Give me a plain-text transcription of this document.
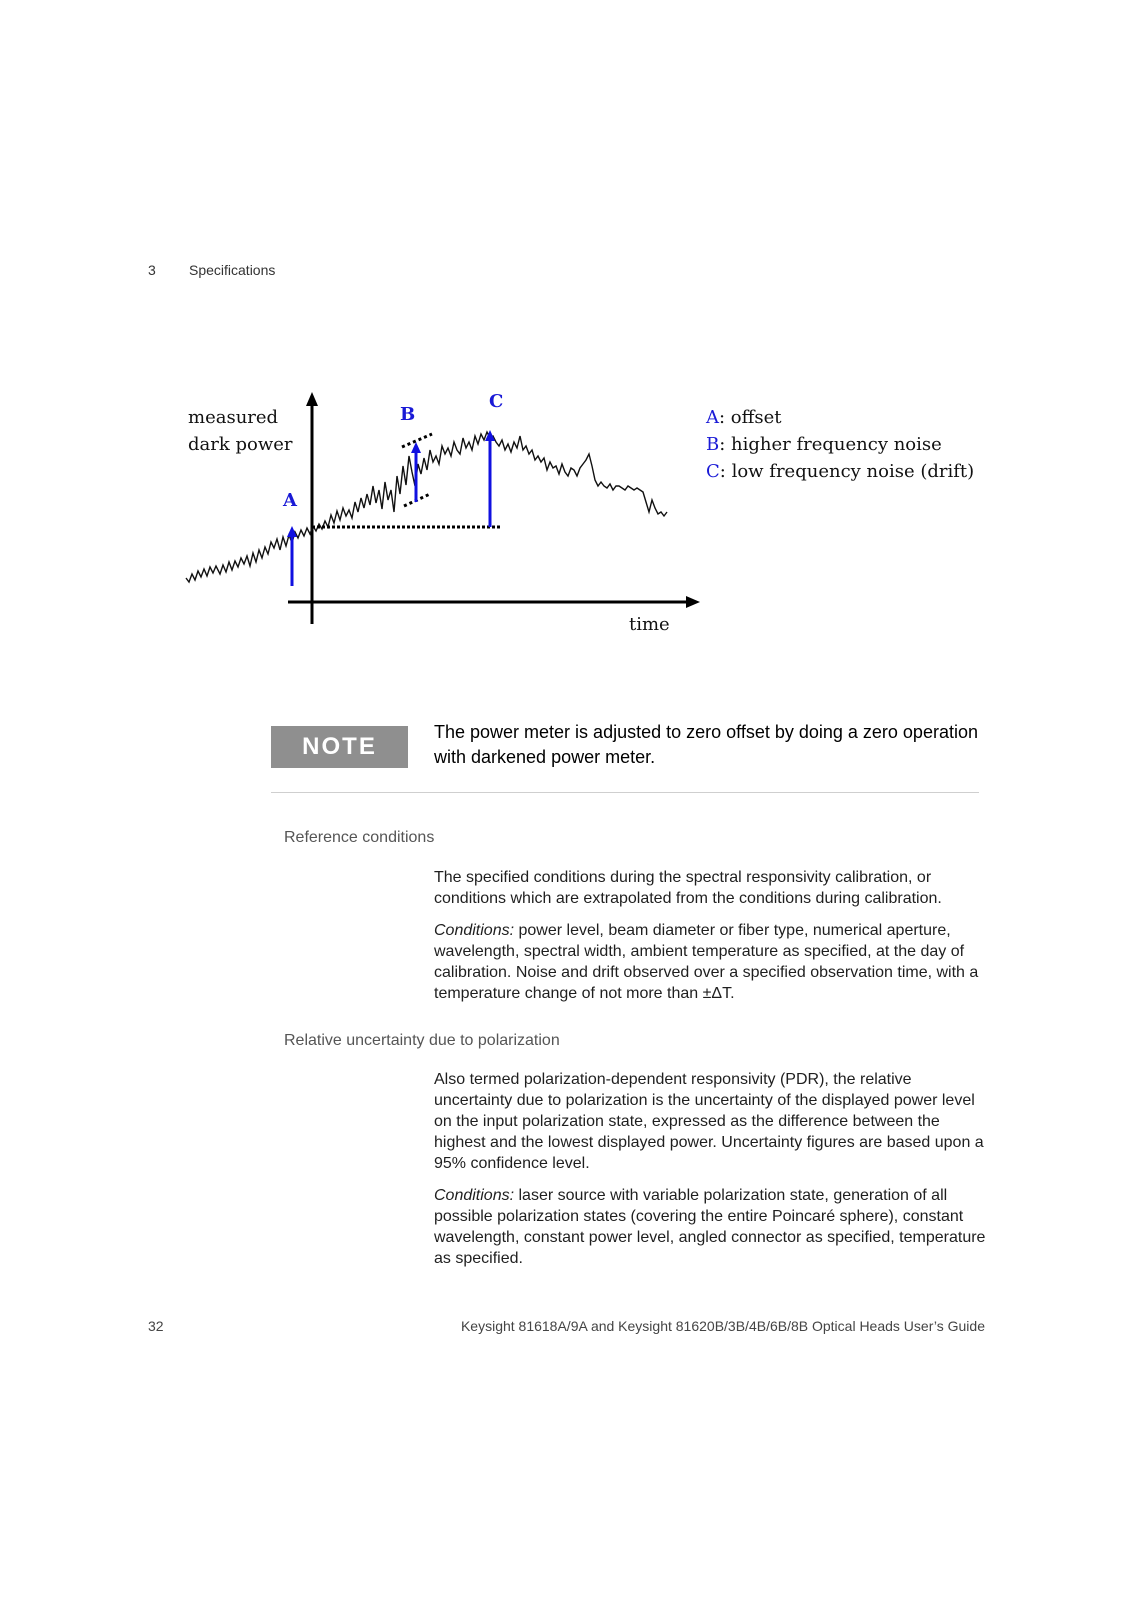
3 Specifications
measured
dark power
time
A
B
C
A: offset
B: higher frequency noise
C: low frequency noise (drift)
NOTE
The power meter is adjusted to zero offset by doing a zero operation with darkened power meter.
Reference conditions

The specified conditions during the spectral responsivity calibration, or conditions which are extrapolated from the conditions during calibration.

Conditions: power level, beam diameter or fiber type, numerical aperture, wavelength, spectral width, ambient temperature as specified, at the day of calibration. Noise and drift observed over a specified observation time, with a temperature change of not more than ±ΔT.

Relative uncertainty due to polarization

Also termed polarization-dependent responsivity (PDR), the relative uncertainty due to polarization is the uncertainty of the displayed power level on the input polarization state, expressed as the difference between the highest and the lowest displayed power. Uncertainty figures are based upon a 95% confidence level.

Conditions: laser source with variable polarization state, generation of all possible polarization states (covering the entire Poincaré sphere), constant wavelength, constant power level, angled connector as specified, temperature as specified.

32	Keysight 81618A/9A and Keysight 81620B/3B/4B/6B/8B Optical Heads User’s Guide
